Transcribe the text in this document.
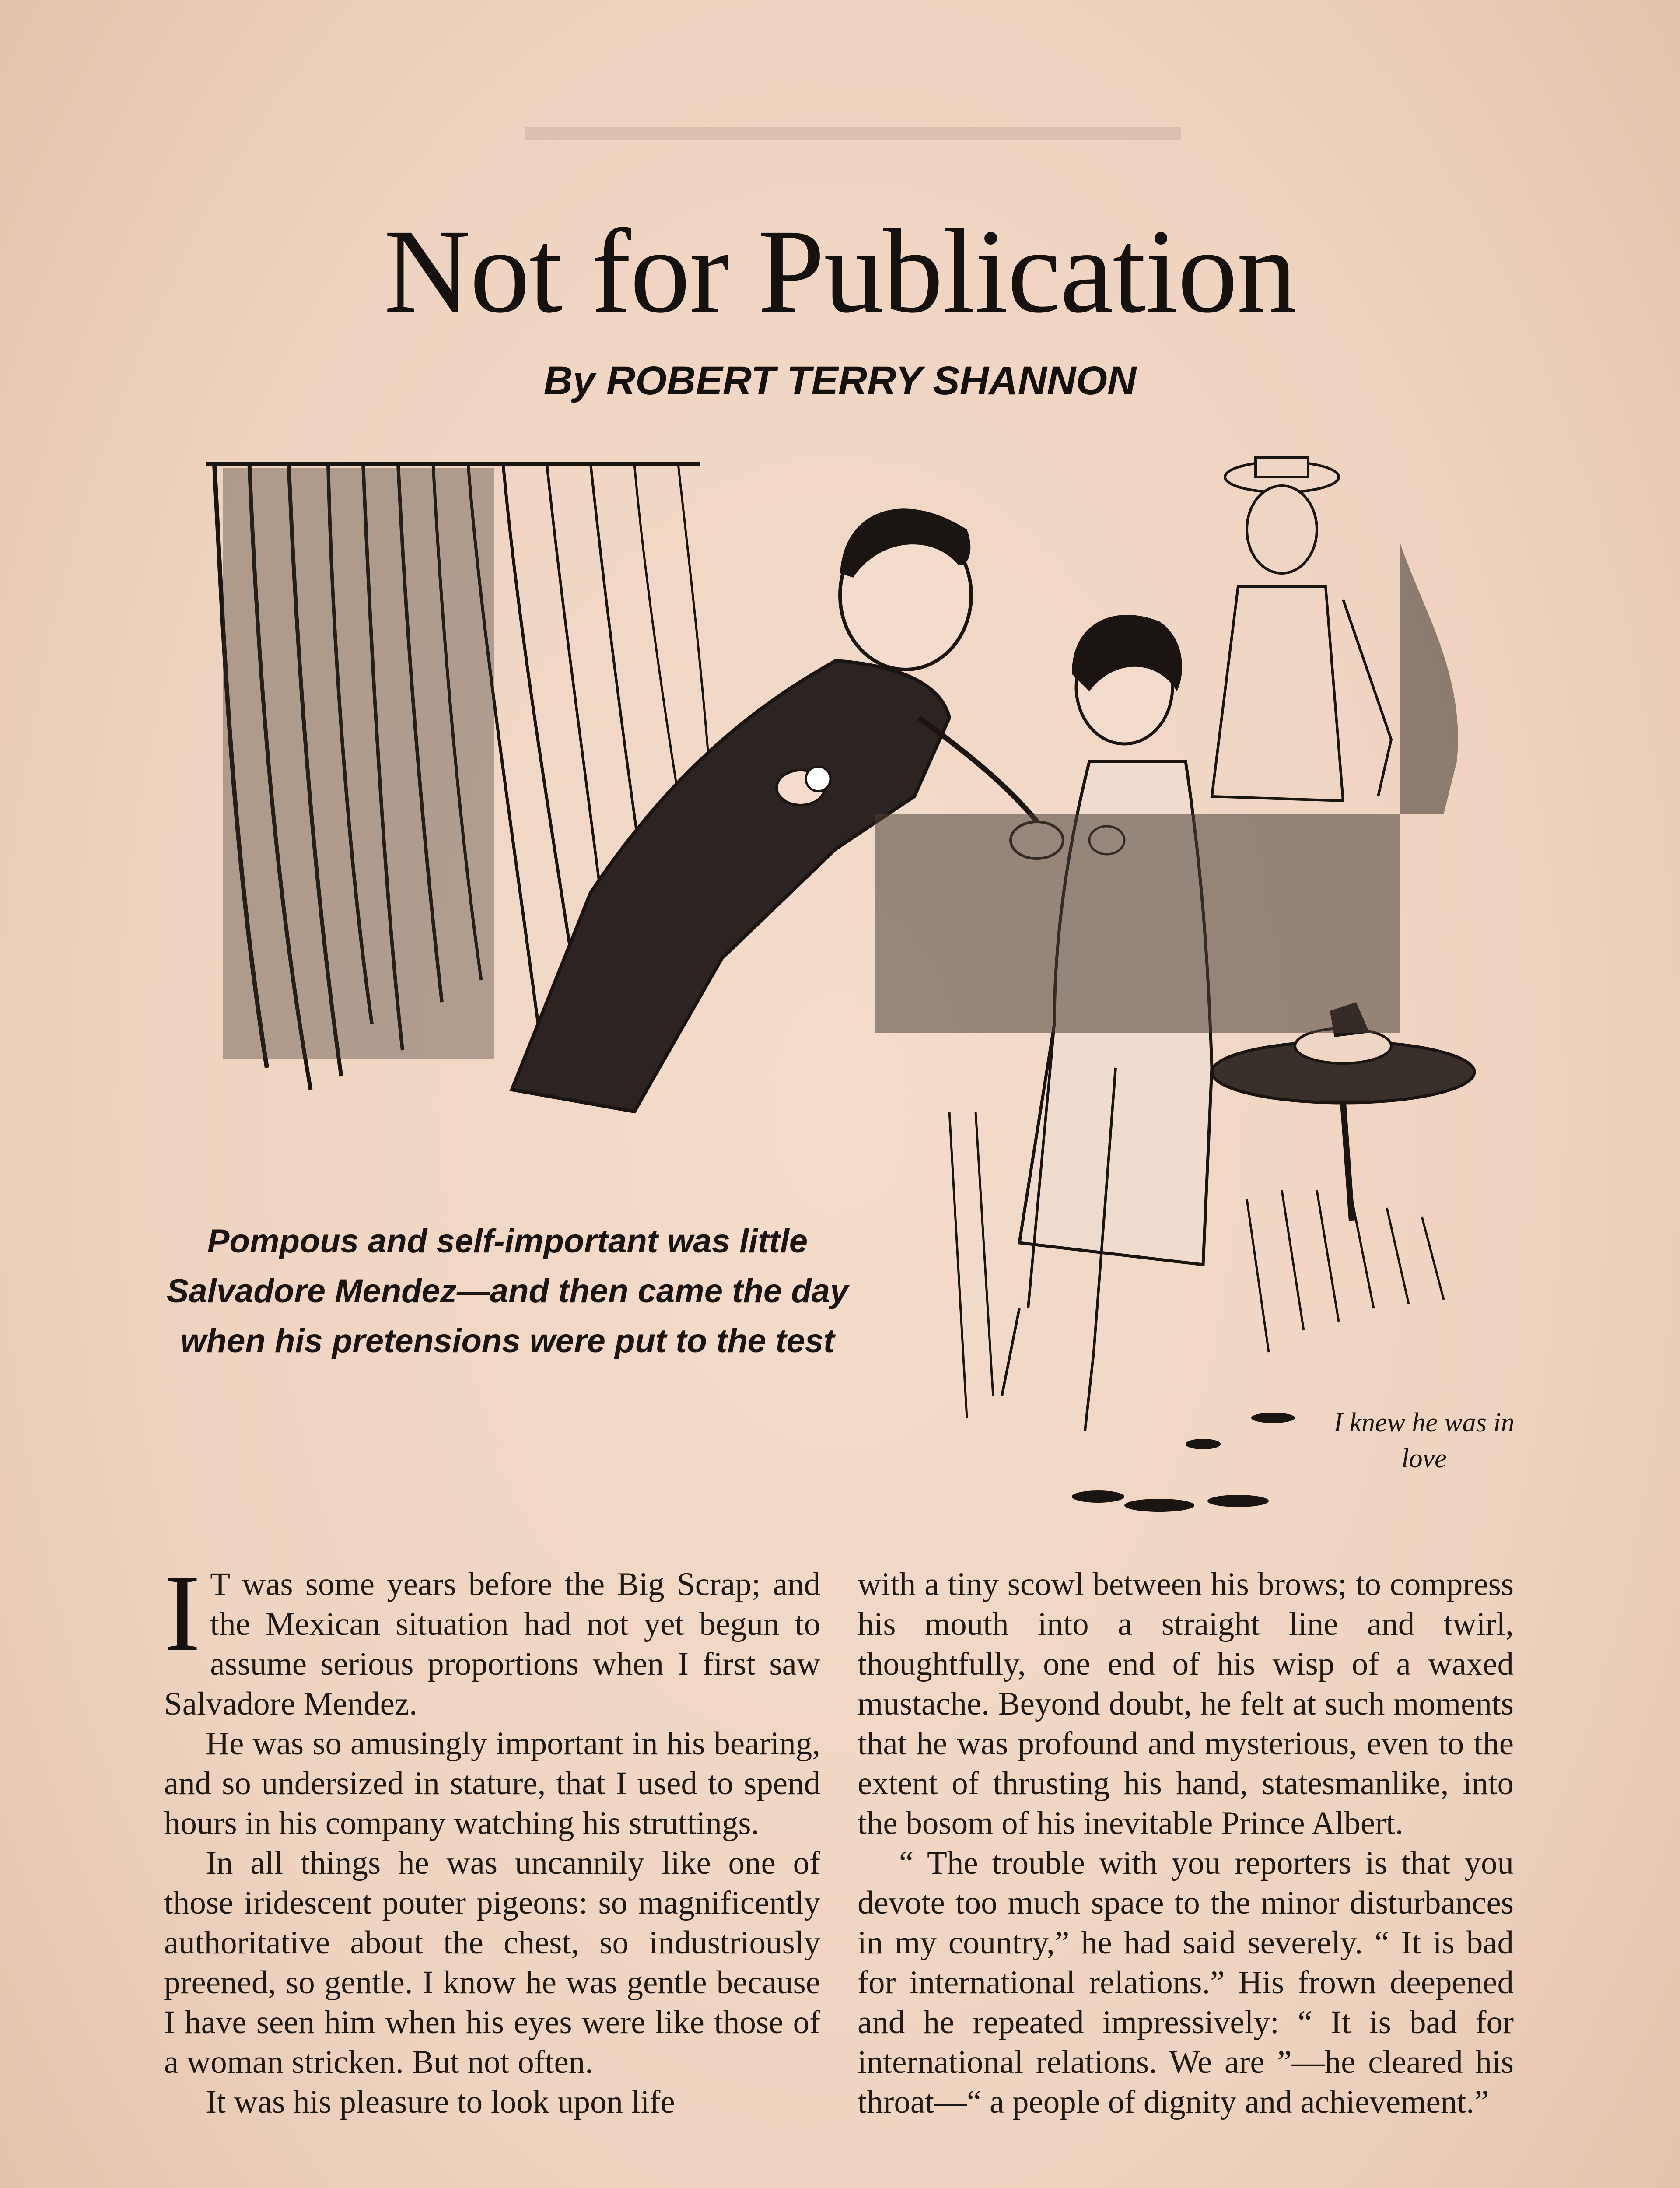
Not for Publication
By ROBERT TERRY SHANNON
Pompous and self-important was little Salvadore Mendez—and then came the day when his pretensions were put to the test
I knew he was in love

I T was some years before the Big Scrap; and the Mexican situation had not yet begun to assume serious proportions when I first saw Salvadore Mendez.

He was so amusingly important in his bearing, and so undersized in stature, that I used to spend hours in his company watching his struttings.

In all things he was uncannily like one of those iridescent pouter pigeons: so magnificently authoritative about the chest, so industriously preened, so gentle. I know he was gentle because I have seen him when his eyes were like those of a woman stricken. But not often.

It was his pleasure to look upon life

with a tiny scowl between his brows; to compress his mouth into a straight line and twirl, thoughtfully, one end of his wisp of a waxed mustache. Beyond doubt, he felt at such moments that he was profound and mysterious, even to the extent of thrusting his hand, statesmanlike, into the bosom of his inevitable Prince Albert.

“ The trouble with you reporters is that you devote too much space to the minor disturbances in my country,” he had said severely. “ It is bad for international relations.” His frown deepened and he repeated impressively: “ It is bad for international relations. We are ”—he cleared his throat—“ a people of dignity and achievement.”
